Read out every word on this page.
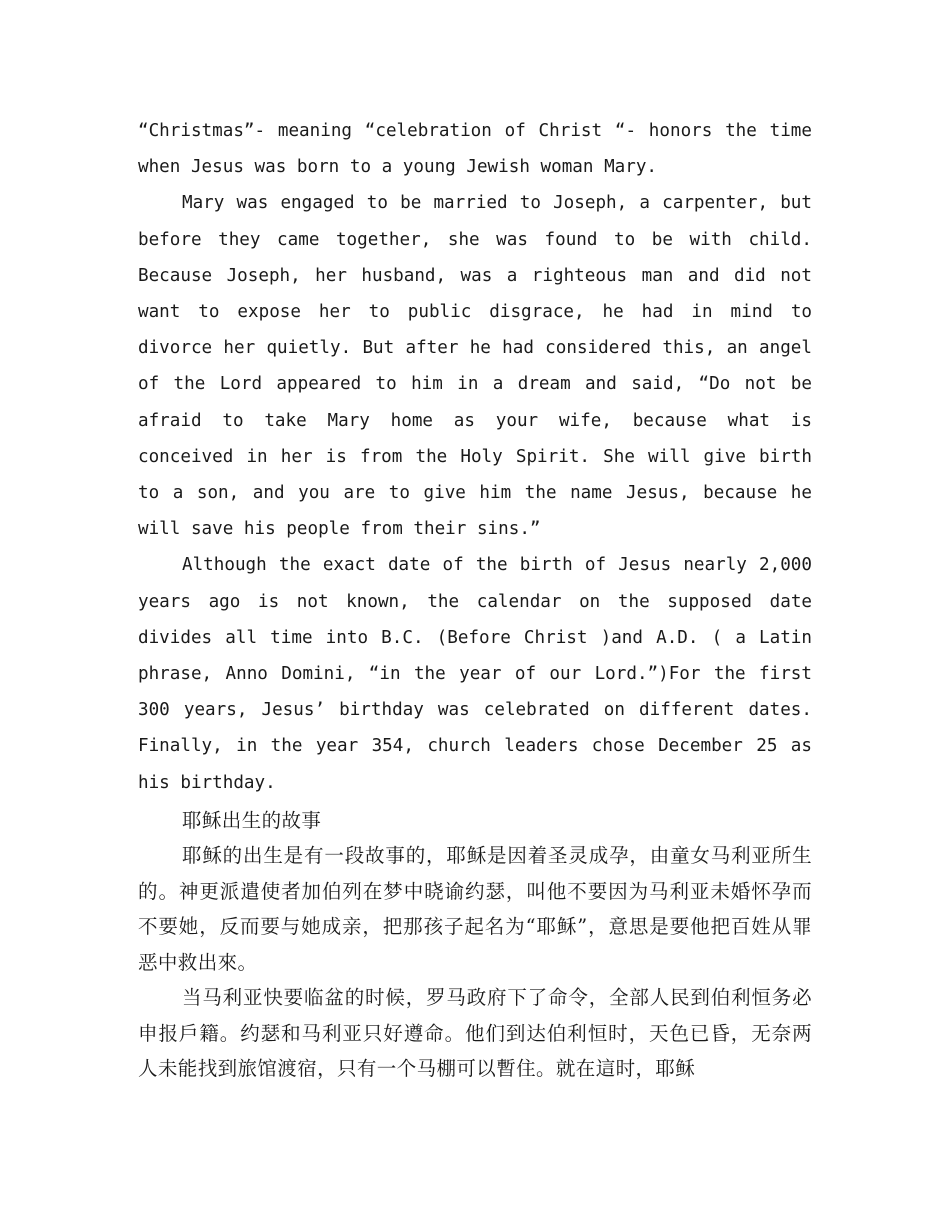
“Christmas”- meaning “celebration of Christ “- honors the time when Jesus was born to a young Jewish woman Mary.

Mary was engaged to be married to Joseph, a carpenter, but before they came together, she was found to be with child. Because Joseph, her husband, was a righteous man and did not want to expose her to public disgrace, he had in mind to divorce her quietly. But after he had considered this, an angel of the Lord appeared to him in a dream and said, “Do not be afraid to take Mary home as your wife, because what is conceived in her is from the Holy Spirit. She will give birth to a son, and you are to give him the name Jesus, because he will save his people from their sins.”

Although the exact date of the birth of Jesus nearly 2,000 years ago is not known, the calendar on the supposed date divides all time into B.C. (Before Christ )and A.D. ( a Latin phrase, Anno Domini, “in the year of our Lord.”)For the first 300 years, Jesus’ birthday was celebrated on different dates. Finally, in the year 354, church leaders chose December 25 as his birthday.

耶稣出生的故事

耶稣的出生是有一段故事的，耶稣是因着圣灵成孕，由童女马利亚所生的。神更派遣使者加伯列在梦中晓谕约瑟，叫他不要因为马利亚未婚怀孕而不要她，反而要与她成亲，把那孩子起名为“耶稣”，意思是要他把百姓从罪恶中救出來。

当马利亚快要临盆的时候，罗马政府下了命令，全部人民到伯利恒务必申报戶籍。约瑟和马利亚只好遵命。他们到达伯利恒时，天色已昏，无奈两人未能找到旅馆渡宿，只有一个马棚可以暫住。就在這时，耶稣
